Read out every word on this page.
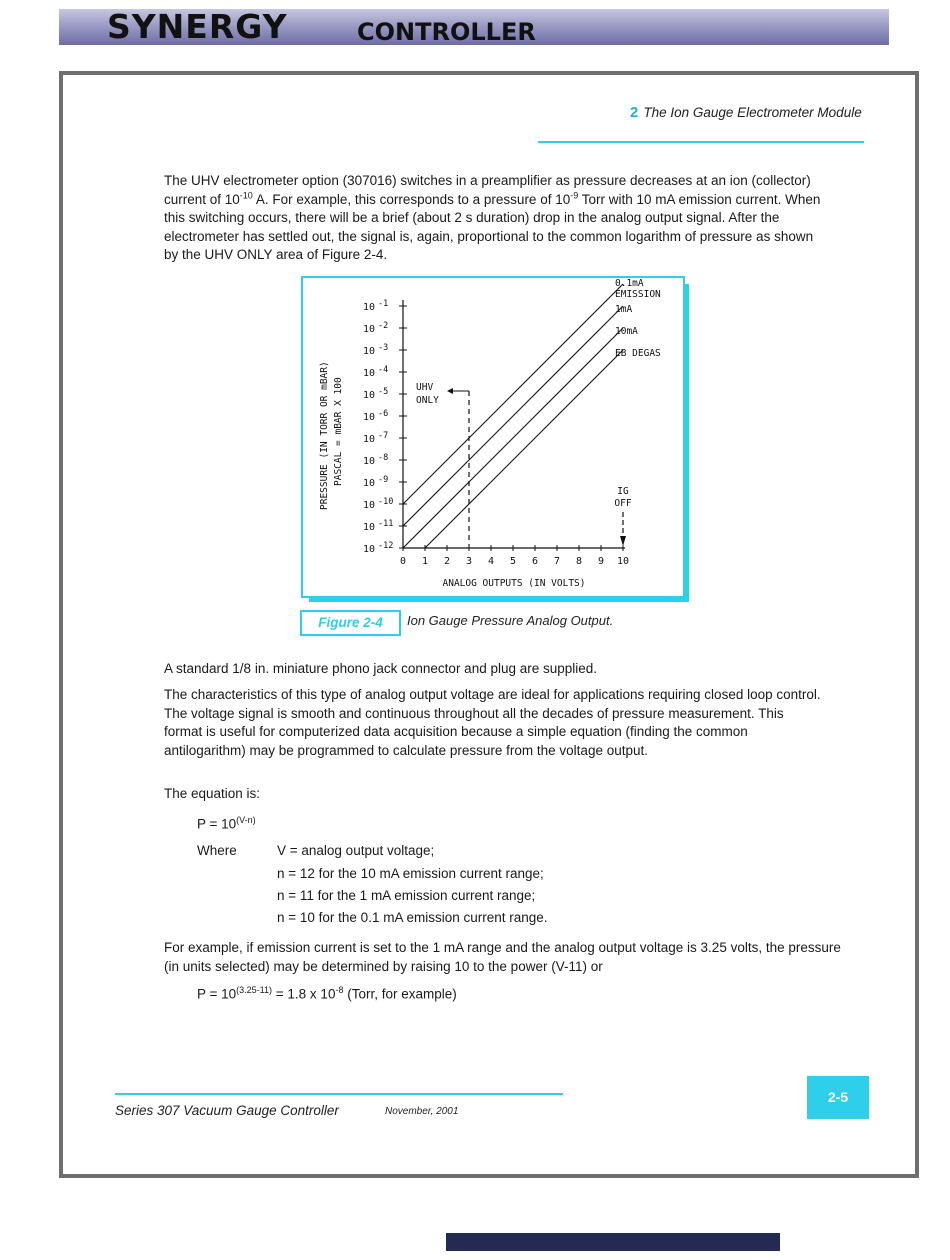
SYNERGY	CONTROLLER
2 The Ion Gauge Electrometer Module
The UHV electrometer option (307016) switches in a preamplifier as pressure decreases at an ion (collector) current of $10^{-10}$ A. For example, this corresponds to a pressure of $10^{-9}$ Torr with 10 mA emission current. When this switching occurs, there will be a brief (about 2 s duration) drop in the analog output signal. After the electrometer has settled out, the signal is, again, proportional to the common logarithm of pressure as shown by the UHV ONLY area of Figure 2-4.
PRESSURE (IN TORR OR mBAR) PASCAL = mBAR X 100
10 $^{-1}$
10 $^{-2}$
10 $^{-3}$
10 $^{-4}$
10 $^{-5}$
10 $^{-6}$
10 $^{-7}$
10 $^{-8}$
10 $^{-9}$
10 $^{-10}$
10 $^{-11}$
10 $^{-12}$
0 1 2 3 4 5 6 7 8 9 10
0.1mA
EMISSION
1mA
10mA
EB DEGAS
UHV
ONLY
IG
OFF
ANALOG OUTPUTS (IN VOLTS)
Figure 2-4	Ion Gauge Pressure Analog Output.
A standard 1/8 in. miniature phono jack connector and plug are supplied.
The characteristics of this type of analog output voltage are ideal for applications requiring closed loop control. The voltage signal is smooth and continuous throughout all the decades of pressure measurement. This format is useful for computerized data acquisition because a simple equation (finding the common antilogarithm) may be programmed to calculate pressure from the voltage output.
The equation is:
$P = 10^{(V-n)}$
Where	V = analog output voltage;
n = 12 for the 10 mA emission current range;
n = 11 for the 1 mA emission current range;
n = 10 for the 0.1 mA emission current range.
For example, if emission current is set to the 1 mA range and the analog output voltage is 3.25 volts, the pressure (in units selected) may be determined by raising 10 to the power (V-11) or
$P = 10^{(3.25-11)} = 1.8$ x $10^{-8}$ (Torr, for example)
Series 307 Vacuum Gauge Controller	November, 2001
2-5
